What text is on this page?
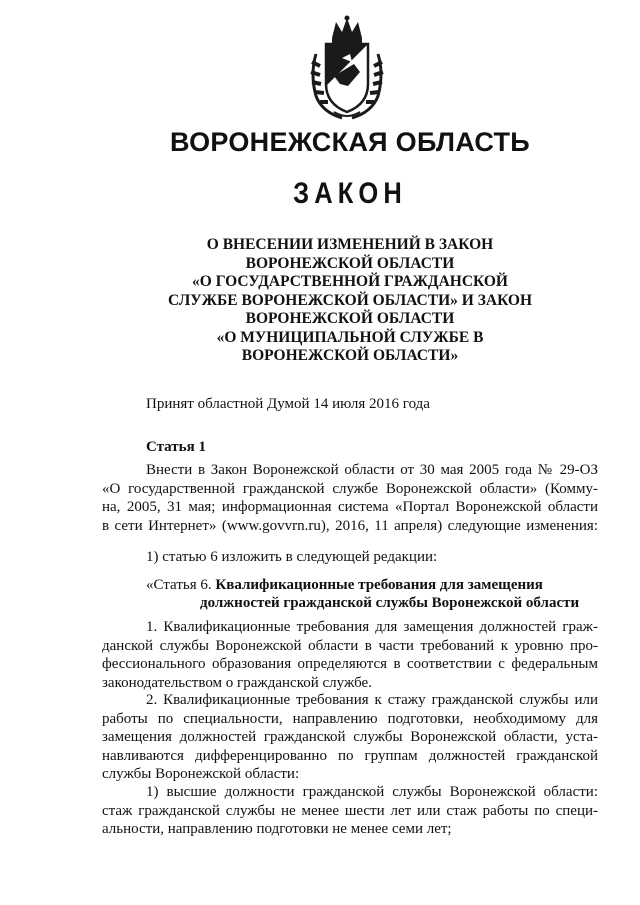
ВОРОНЕЖСКАЯ ОБЛАСТЬ
ЗАКОН
О ВНЕСЕНИИ ИЗМЕНЕНИЙ В ЗАКОН
ВОРОНЕЖСКОЙ ОБЛАСТИ
«О ГОСУДАРСТВЕННОЙ ГРАЖДАНСКОЙ
СЛУЖБЕ ВОРОНЕЖСКОЙ ОБЛАСТИ» И ЗАКОН
ВОРОНЕЖСКОЙ ОБЛАСТИ
«О МУНИЦИПАЛЬНОЙ СЛУЖБЕ В
ВОРОНЕЖСКОЙ ОБЛАСТИ»
Принят областной Думой 14 июля 2016 года
Статья 1
Внести в Закон Воронежской области от 30 мая 2005 года № 29-ОЗ
«О государственной гражданской службе Воронежской области» (Комму-
на, 2005, 31 мая; информационная система «Портал Воронежской области
в сети Интернет» (www.govvrn.ru), 2016, 11 апреля) следующие изменения:
1) статью 6 изложить в следующей редакции:
«Статья 6. Квалификационные требования для замещения
должностей гражданской службы Воронежской области
1. Квалификационные требования для замещения должностей граж-
данской службы Воронежской области в части требований к уровню про-
фессионального образования определяются в соответствии с федеральным
законодательством о гражданской службе.
2. Квалификационные требования к стажу гражданской службы или
работы по специальности, направлению подготовки, необходимому для
замещения должностей гражданской службы Воронежской области, уста-
навливаются дифференцированно по группам должностей гражданской
службы Воронежской области:
1) высшие должности гражданской службы Воронежской области:
стаж гражданской службы не менее шести лет или стаж работы по специ-
альности, направлению подготовки не менее семи лет;
